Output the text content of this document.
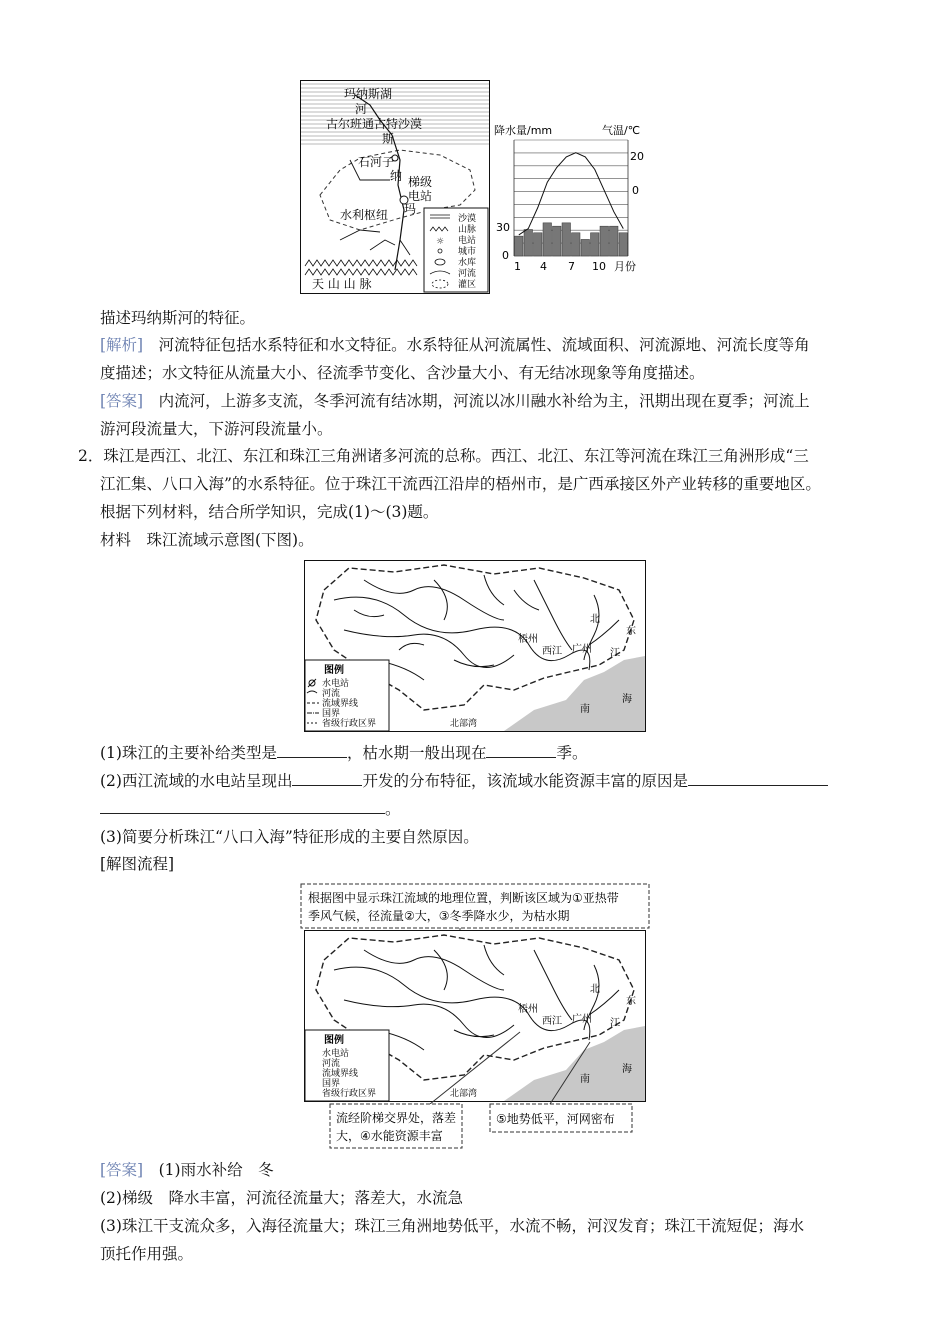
玛纳斯湖
河
古尔班通古特沙漠
斯
石河子
纳 梯级
电站
玛
水利枢纽
天 山 山 脉
沙漠
山脉
电站
城市
水库
河流
灌区
☼
降水量/mm	气温/℃
30
0
20
0
1 4 7 10 月份
描述玛纳斯河的特征。
[解析]　 河流特征包括水系特征和水文特征。水系特征从河流属性、流域面积、河流源地、河流长度等角
度描述；水文特征从流量大小、径流季节变化、含沙量大小、有无结冰现象等角度描述。
[答案]　 内流河，上游多支流，冬季河流有结冰期，河流以冰川融水补给为主，汛期出现在夏季；河流上
游河段流量大，下游河段流量小。
2．珠江是西江、北江、东江和珠江三角洲诸多河流的总称。西江、北江、东江等河流在珠江三角洲形成“三
江汇集、八口入海”的水系特征。位于珠江干流西江沿岸的梧州市，是广西承接区外产业转移的重要地区。
根据下列材料，结合所学知识，完成(1)～(3)题。
材料　珠江流域示意图(下图)。
图例
水电站
河流
流域界线
国界
省级行政区界
梧州
西江 广州
北
东
江
南
海
北部湾
(1)珠江的主要补给类型是	，枯水期一般出现在	季。
(2)西江流域的水电站呈现出	开发的分布特征，该流域水能资源丰富的原因是
。
(3)简要分析珠江“八口入海”特征形成的主要自然原因。
[解图流程]
根据图中显示珠江流域的地理位置，判断该区域为①亚热带
季风气候，径流量②大，③冬季降水少，为枯水期
图例
水电站
河流
流域界线
国界
省级行政区界
梧州
西江 广州
北
东
江
南
海
北部湾
流经阶梯交界处，落差
大，④水能资源丰富
⑤地势低平，河网密布
[答案]　 (1)雨水补给　冬
(2)梯级　降水丰富，河流径流量大；落差大，水流急
(3)珠江干支流众多，入海径流量大；珠江三角洲地势低平，水流不畅，河汊发育；珠江干流短促；海水
顶托作用强。
